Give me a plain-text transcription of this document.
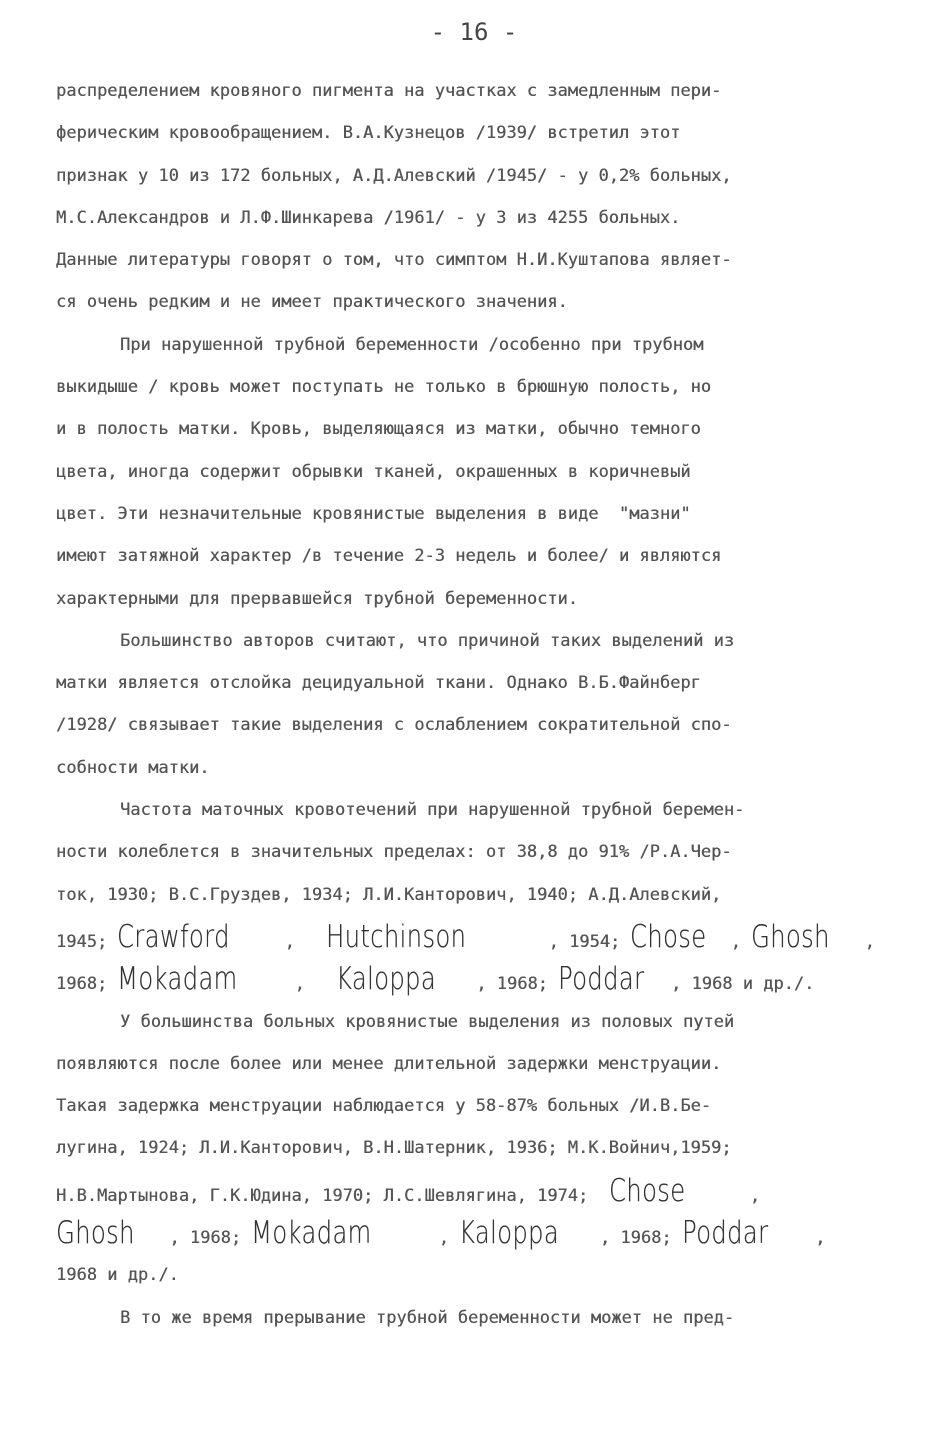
- 16 -
распределением кровяного пигмента на участках с замедленным пери-
ферическим кровообращением. В.А.Кузнецов /1939/ встретил этот
признак у 10 из 172 больных, А.Д.Алевский /1945/ - у 0,2% больных,
М.С.Александров и Л.Ф.Шинкарева /1961/ - у 3 из 4255 больных.
Данные литературы говорят о том, что симптом Н.И.Куштапова являет-
ся очень редким и не имеет практического значения.
При нарушенной трубной беременности /особенно при трубном
выкидыше / кровь может поступать не только в брюшную полость, но
и в полость матки. Кровь, выделяющаяся из матки, обычно темного
цвета, иногда содержит обрывки тканей, окрашенных в коричневый
цвет. Эти незначительные кровянистые выделения в виде  "мазни"
имеют затяжной характер /в течение 2-3 недель и более/ и являются
характерными для прервавшейся трубной беременности.
Большинство авторов считают, что причиной таких выделений из
матки является отслойка децидуальной ткани. Однако В.Б.Файнберг
/1928/ связывает такие выделения с ослаблением сократительной спо-
собности матки.
Частота маточных кровотечений при нарушенной трубной беремен-
ности колеблется в значительных пределах: от 38,8 до 91% /Р.А.Чер-
ток, 1930; В.С.Груздев, 1934; Л.И.Канторович, 1940; А.Д.Алевский,
1945; Crawford   ,   Hutchinson     , 1954; Chose , Ghosh  ,
1968; Mokadam   ,   Kaloppa  , 1968; Poddar , 1968 и др./.
У большинства больных кровянистые выделения из половых путей
появляются после более или менее длительной задержки менструации.
Такая задержка менструации наблюдается у 58-87% больных /И.В.Бе-
лугина, 1924; Л.И.Канторович, В.Н.Шатерник, 1936; М.К.Войнич,1959;
Н.В.Мартынова, Г.К.Юдина, 1970; Л.С.Шевлягина, 1974;  Chose     ,
Ghosh  , 1968; Mokadam    , Kaloppa  , 1968; Poddar   ,
1968 и др./.
В то же время прерывание трубной беременности может не пред-
